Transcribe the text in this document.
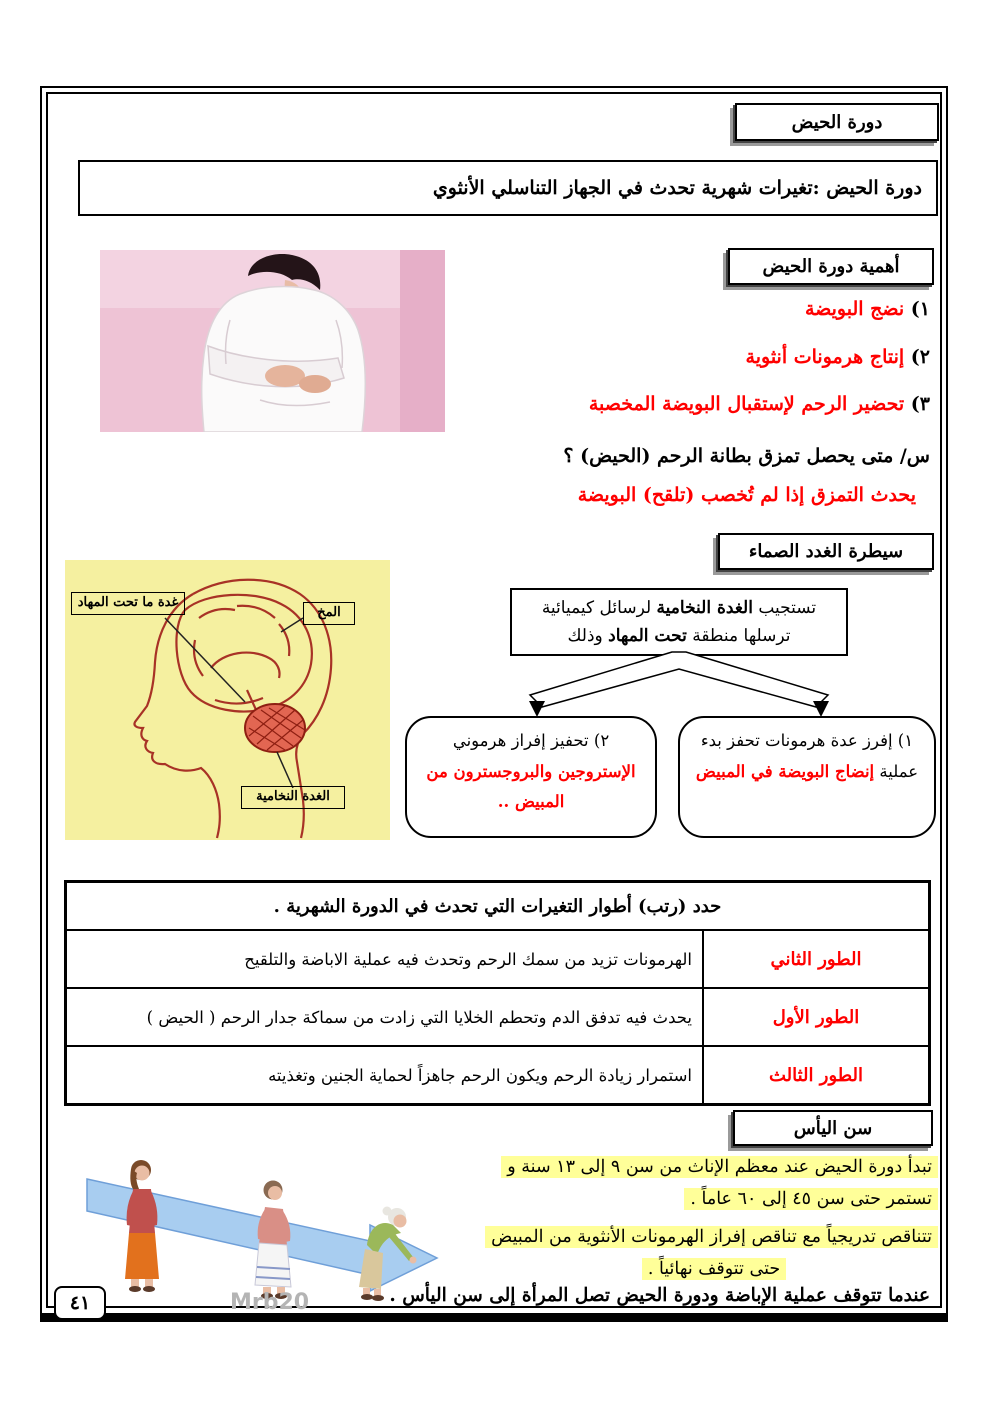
دورة الحيض
دورة الحيض :
تغيرات شهرية تحدث في الجهاز التناسلي الأنثوي
أهمية دورة الحيض
١) نضج البويضة
٢) إنتاج هرمونات أنثوية
٣) تحضير الرحم لإستقبال البويضة المخصبة
س/ متى يحصل تمزق بطانة الرحم (الحيض) ؟
يحدث التمزق إذا لم تُخصب (تلقح) البويضة
سيطرة الغدد الصماء
غدة ما تحت المهاد
المخ
الغدة النخامية
تستجيب الغدة النخامية لرسائل كيميائية ترسلها منطقة تحت المهاد وذلك
١) إفرز عدة هرمونات تحفز بدء عملية إنضاج البويضة في المبيض
٢) تحفيز إفراز هرموني الإستروجين والبروجسترون من المبيض ..
حدد (رتب) أطوار التغيرات التي تحدث في الدورة الشهرية .	
الطور الثاني	الهرمونات تزيد من سمك الرحم وتحدث فيه عملية الاباضة والتلقيح
الطور الأول	يحدث فيه تدفق الدم وتحطم الخلايا التي زادت من سماكة جدار الرحم ( الحيض )
الطور الثالث	استمرار زيادة الرحم ويكون الرحم جاهزاً لحماية الجنين وتغذيته
سن اليأس
تبدأ دورة الحيض عند معظم الإناث من سن ٩ إلى ١٣ سنة و تستمر حتى سن ٤٥ إلى ٦٠ عاماً .
تتناقص تدريجياً مع تناقص إفراز الهرمونات الأنثوية من المبيض حتى تتوقف نهائياً .
عندما تتوقف عملية الإباضة ودورة الحيض تصل المرأة إلى سن اليأس .
٤١	Mrb20
